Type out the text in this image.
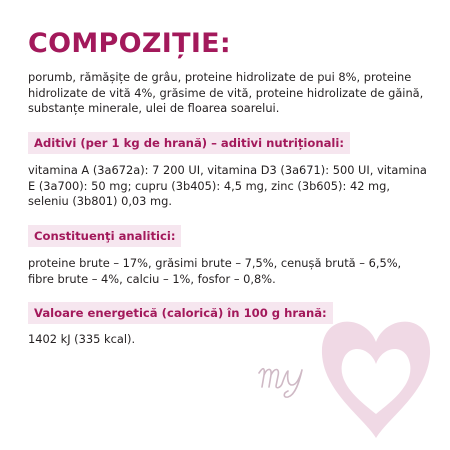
COMPOZIȚIE:

porumb, rămășițe de grâu, proteine hidrolizate de pui 8%, proteine hidrolizate de vită 4%, grăsime de vită, proteine hidrolizate de găină, substanțe minerale, ulei de floarea soarelui.

Aditivi (per 1 kg de hrană) – aditivi nutriționali:

vitamina A (3a672a): 7 200 UI, vitamina D3 (3a671): 500 UI, vitamina E (3a700): 50 mg; cupru (3b405): 4,5 mg, zinc (3b605): 42 mg, seleniu (3b801) 0,03 mg.

Constituenţi analitici:

proteine brute – 17%, grăsimi brute – 7,5%, cenușă brută – 6,5%, fibre brute – 4%, calciu – 1%, fosfor – 0,8%.

Valoare energetică (calorică) în 100 g hrană:

1402 kJ (335 kcal).
